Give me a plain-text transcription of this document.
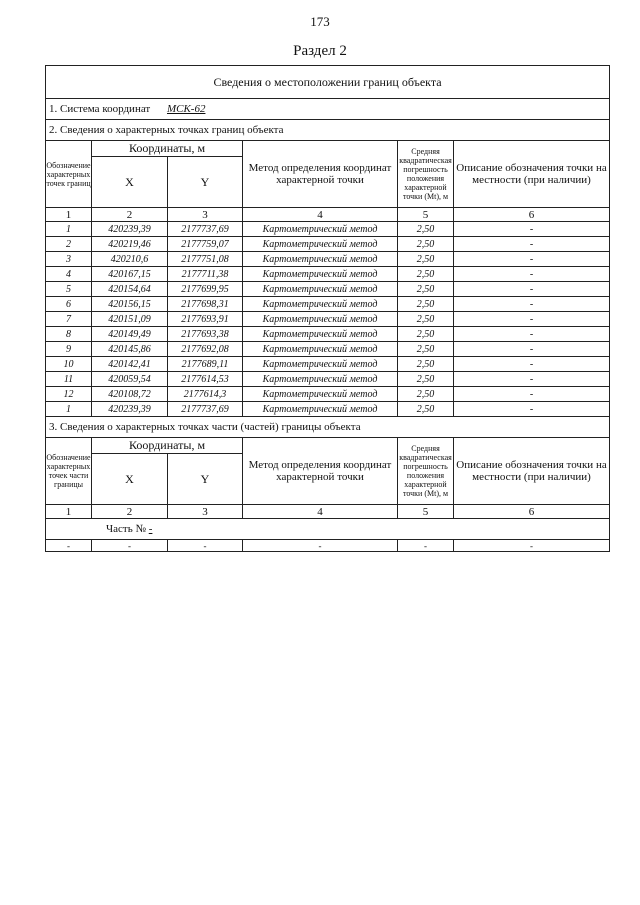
173
Раздел 2
Сведения о местоположении границ объекта					
1. Система координат МСК-62					
2. Сведения о характерных точках границ объекта					
Обозначение характерных точек границ	Координаты, м		Метод определения координат характерной точки	Средняя квадратическая погрешность положения характерной точки (Mt), м	Описание обозначения точки на местности (при наличии)
	X	Y			
1	2	3	4	5	6
1	420239,39	2177737,69	Картометрический метод	2,50	-
2	420219,46	2177759,07	Картометрический метод	2,50	-
3	420210,6	2177751,08	Картометрический метод	2,50	-
4	420167,15	2177711,38	Картометрический метод	2,50	-
5	420154,64	2177699,95	Картометрический метод	2,50	-
6	420156,15	2177698,31	Картометрический метод	2,50	-
7	420151,09	2177693,91	Картометрический метод	2,50	-
8	420149,49	2177693,38	Картометрический метод	2,50	-
9	420145,86	2177692,08	Картометрический метод	2,50	-
10	420142,41	2177689,11	Картометрический метод	2,50	-
11	420059,54	2177614,53	Картометрический метод	2,50	-
12	420108,72	2177614,3	Картометрический метод	2,50	-
1	420239,39	2177737,69	Картометрический метод	2,50	-
3. Сведения о характерных точках части (частей) границы объекта					
Обозначение характерных точек части границы	Координаты, м		Метод определения координат характерной точки	Средняя квадратическая погрешность положения характерной точки (Mt), м	Описание обозначения точки на местности (при наличии)
	X	Y			
1	2	3	4	5	6
Часть № -					
-	-	-	-	-	-
